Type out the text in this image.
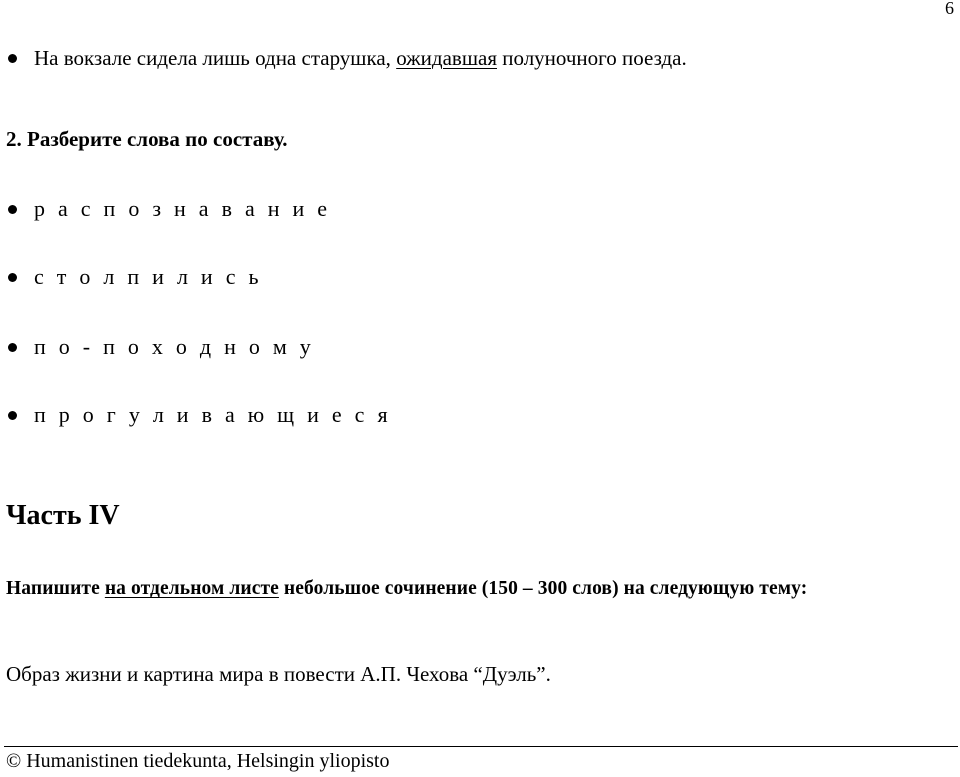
6
На вокзале сидела лишь одна старушка, ожидавшая полуночного поезда.
2. Разберите слова по составу.
р а с п о з н а в а н и е
с т о л п и л и с ь
п о - п о х о д н о м у
п р о г у л и в а ю щ и е с я
Часть IV
Напишите на отдельном листе небольшое сочинение (150 – 300 слов) на следующую тему:
Образ жизни и картина мира в повести А.П. Чехова “Дуэль”.
© Humanistinen tiedekunta, Helsingin yliopisto
